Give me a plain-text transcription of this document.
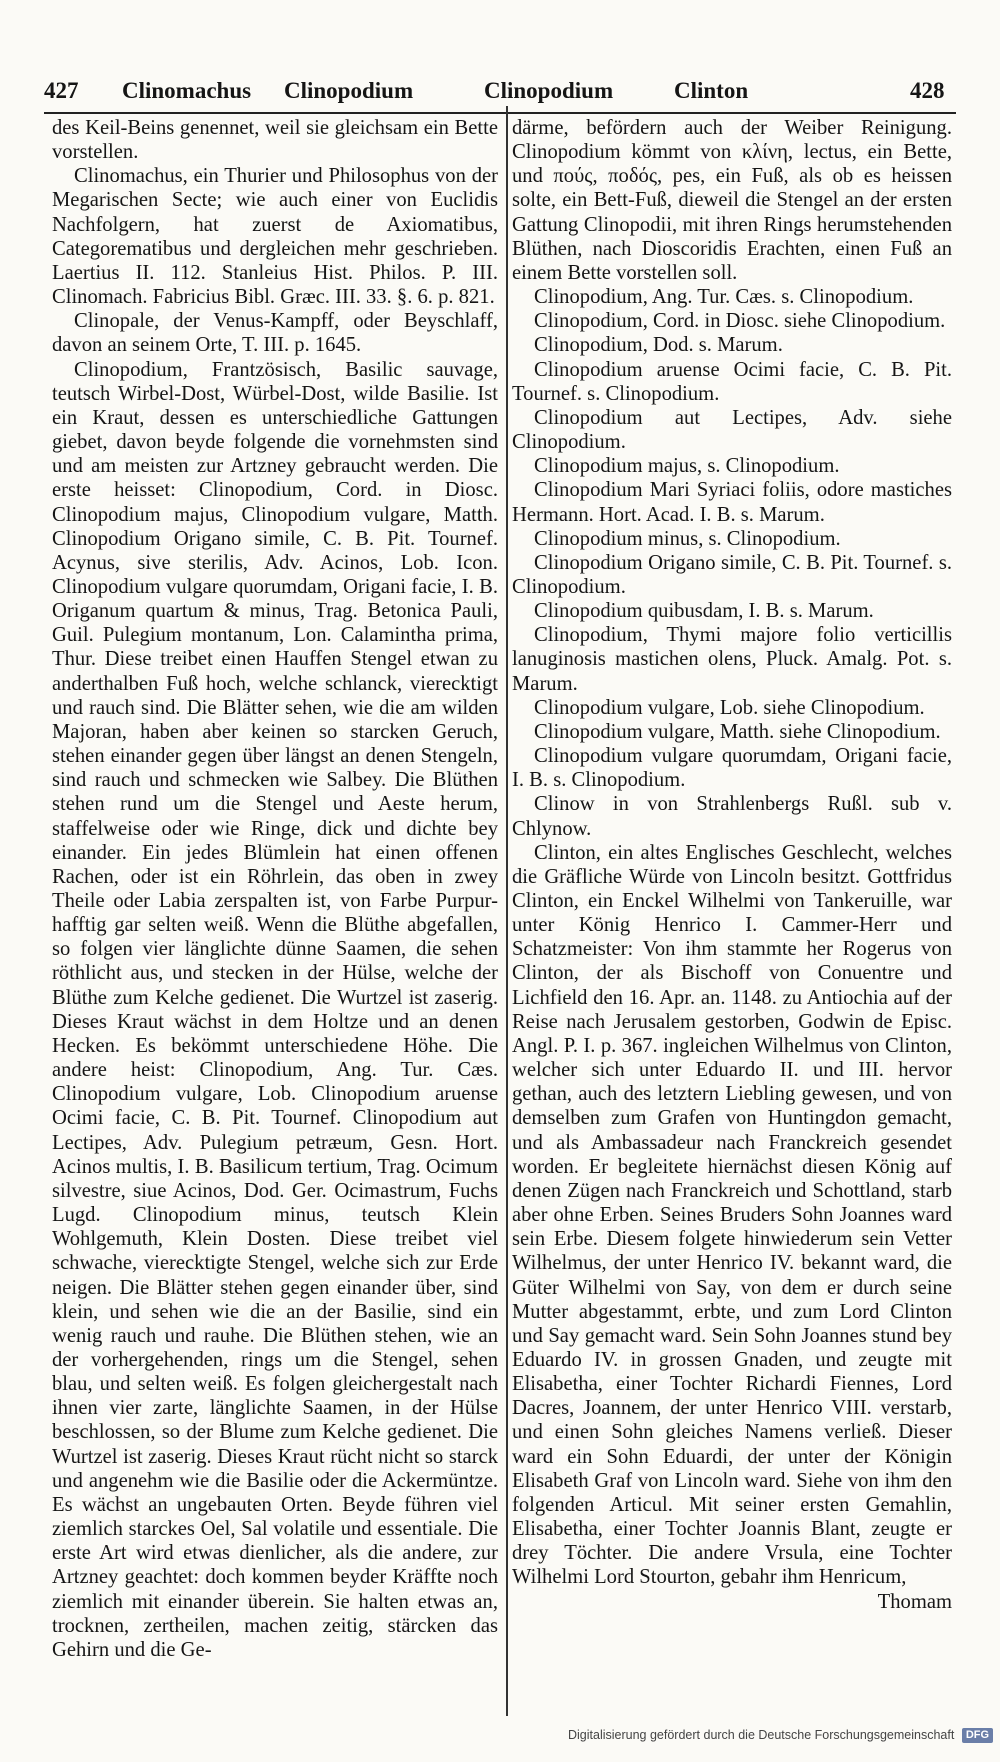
427 Clinomachus Clinopodium	Clinopodium	Clinton	428

des Keil-Beins genennet, weil sie gleichsam ein Bette vorstellen.

Clinomachus, ein Thurier und Philosophus von der Megarischen Secte; wie auch einer von Euclidis Nachfolgern, hat zuerst de Axiomatibus, Categorematibus und dergleichen mehr geschrieben. Laertius II. 112. Stanleius Hist. Philos. P. III. Clinomach. Fabricius Bibl. Græc. III. 33. §. 6. p. 821.

Clinopale, der Venus-Kampff, oder Beyschlaff, davon an seinem Orte, T. III. p. 1645.

Clinopodium, Frantzösisch, Basilic sauvage, teutsch Wirbel-Dost, Würbel-Dost, wilde Basilie. Ist ein Kraut, dessen es unterschiedliche Gattungen giebet, davon beyde folgende die vornehmsten sind und am meisten zur Artzney gebraucht werden. Die erste heisset: Clinopodium, Cord. in Diosc. Clinopodium majus, Clinopodium vulgare, Matth. Clinopodium Origano simile, C. B. Pit. Tournef. Acynus, sive sterilis, Adv. Acinos, Lob. Icon. Clinopodium vulgare quorumdam, Origani facie, I. B. Origanum quartum & minus, Trag. Betonica Pauli, Guil. Pulegium montanum, Lon. Calamintha prima, Thur. Diese treibet einen Hauffen Stengel etwan zu anderthalben Fuß hoch, welche schlanck, vierecktigt und rauch sind. Die Blätter sehen, wie die am wilden Majoran, haben aber keinen so starcken Geruch, stehen einander gegen über längst an denen Stengeln, sind rauch und schmecken wie Salbey. Die Blüthen stehen rund um die Stengel und Aeste herum, staffelweise oder wie Ringe, dick und dichte bey einander. Ein jedes Blümlein hat einen offenen Rachen, oder ist ein Röhrlein, das oben in zwey Theile oder Labia zerspalten ist, von Farbe Purpur-hafftig gar selten weiß. Wenn die Blüthe abgefallen, so folgen vier länglichte dünne Saamen, die sehen röthlicht aus, und stecken in der Hülse, welche der Blüthe zum Kelche gedienet. Die Wurtzel ist zaserig. Dieses Kraut wächst in dem Holtze und an denen Hecken. Es bekömmt unterschiedene Höhe. Die andere heist: Clinopodium, Ang. Tur. Cæs. Clinopodium vulgare, Lob. Clinopodium aruense Ocimi facie, C. B. Pit. Tournef. Clinopodium aut Lectipes, Adv. Pulegium petræum, Gesn. Hort. Acinos multis, I. B. Basilicum tertium, Trag. Ocimum silvestre, siue Acinos, Dod. Ger. Ocimastrum, Fuchs Lugd. Clinopodium minus, teutsch Klein Wohlgemuth, Klein Dosten. Diese treibet viel schwache, vierecktigte Stengel, welche sich zur Erde neigen. Die Blätter stehen gegen einander über, sind klein, und sehen wie die an der Basilie, sind ein wenig rauch und rauhe. Die Blüthen stehen, wie an der vorhergehenden, rings um die Stengel, sehen blau, und selten weiß. Es folgen gleichergestalt nach ihnen vier zarte, länglichte Saamen, in der Hülse beschlossen, so der Blume zum Kelche gedienet. Die Wurtzel ist zaserig. Dieses Kraut rücht nicht so starck und angenehm wie die Basilie oder die Ackermüntze. Es wächst an ungebauten Orten. Beyde führen viel ziemlich starckes Oel, Sal volatile und essentiale. Die erste Art wird etwas dienlicher, als die andere, zur Artzney geachtet: doch kommen beyder Kräffte noch ziemlich mit einander überein. Sie halten etwas an, trocknen, zertheilen, machen zeitig, stärcken das Gehirn und die Ge-

därme, befördern auch der Weiber Reinigung. Clinopodium kömmt von κλίνη, lectus, ein Bette, und πούς, ποδός, pes, ein Fuß, als ob es heissen solte, ein Bett-Fuß, dieweil die Stengel an der ersten Gattung Clinopodii, mit ihren Rings herumstehenden Blüthen, nach Dioscoridis Erachten, einen Fuß an einem Bette vorstellen soll.

Clinopodium, Ang. Tur. Cæs. s. Clinopodium.

Clinopodium, Cord. in Diosc. siehe Clinopodium.

Clinopodium, Dod. s. Marum.

Clinopodium aruense Ocimi facie, C. B. Pit. Tournef. s. Clinopodium.

Clinopodium aut Lectipes, Adv. siehe Clinopodium.

Clinopodium majus, s. Clinopodium.

Clinopodium Mari Syriaci foliis, odore mastiches Hermann. Hort. Acad. I. B. s. Marum.

Clinopodium minus, s. Clinopodium.

Clinopodium Origano simile, C. B. Pit. Tournef. s. Clinopodium.

Clinopodium quibusdam, I. B. s. Marum.

Clinopodium, Thymi majore folio verticillis lanuginosis mastichen olens, Pluck. Amalg. Pot. s. Marum.

Clinopodium vulgare, Lob. siehe Clinopodium.

Clinopodium vulgare, Matth. siehe Clinopodium.

Clinopodium vulgare quorumdam, Origani facie, I. B. s. Clinopodium.

Clinow in von Strahlenbergs Rußl. sub v. Chlynow.

Clinton, ein altes Englisches Geschlecht, welches die Gräfliche Würde von Lincoln besitzt. Gottfridus Clinton, ein Enckel Wilhelmi von Tankeruille, war unter König Henrico I. Cammer-Herr und Schatzmeister: Von ihm stammte her Rogerus von Clinton, der als Bischoff von Conuentre und Lichfield den 16. Apr. an. 1148. zu Antiochia auf der Reise nach Jerusalem gestorben, Godwin de Episc. Angl. P. I. p. 367. ingleichen Wilhelmus von Clinton, welcher sich unter Eduardo II. und III. hervor gethan, auch des letztern Liebling gewesen, und von demselben zum Grafen von Huntingdon gemacht, und als Ambassadeur nach Franckreich gesendet worden. Er begleitete hiernächst diesen König auf denen Zügen nach Franckreich und Schottland, starb aber ohne Erben. Seines Bruders Sohn Joannes ward sein Erbe. Diesem folgete hinwiederum sein Vetter Wilhelmus, der unter Henrico IV. bekannt ward, die Güter Wilhelmi von Say, von dem er durch seine Mutter abgestammt, erbte, und zum Lord Clinton und Say gemacht ward. Sein Sohn Joannes stund bey Eduardo IV. in grossen Gnaden, und zeugte mit Elisabetha, einer Tochter Richardi Fiennes, Lord Dacres, Joannem, der unter Henrico VIII. verstarb, und einen Sohn gleiches Namens verließ. Dieser ward ein Sohn Eduardi, der unter der Königin Elisabeth Graf von Lincoln ward. Siehe von ihm den folgenden Articul. Mit seiner ersten Gemahlin, Elisabetha, einer Tochter Joannis Blant, zeugte er drey Töchter. Die andere Vrsula, eine Tochter Wilhelmi Lord Stourton, gebahr ihm Henricum,

Thomam

Digitalisierung gefördert durch die Deutsche Forschungsgemeinschaft DFG
